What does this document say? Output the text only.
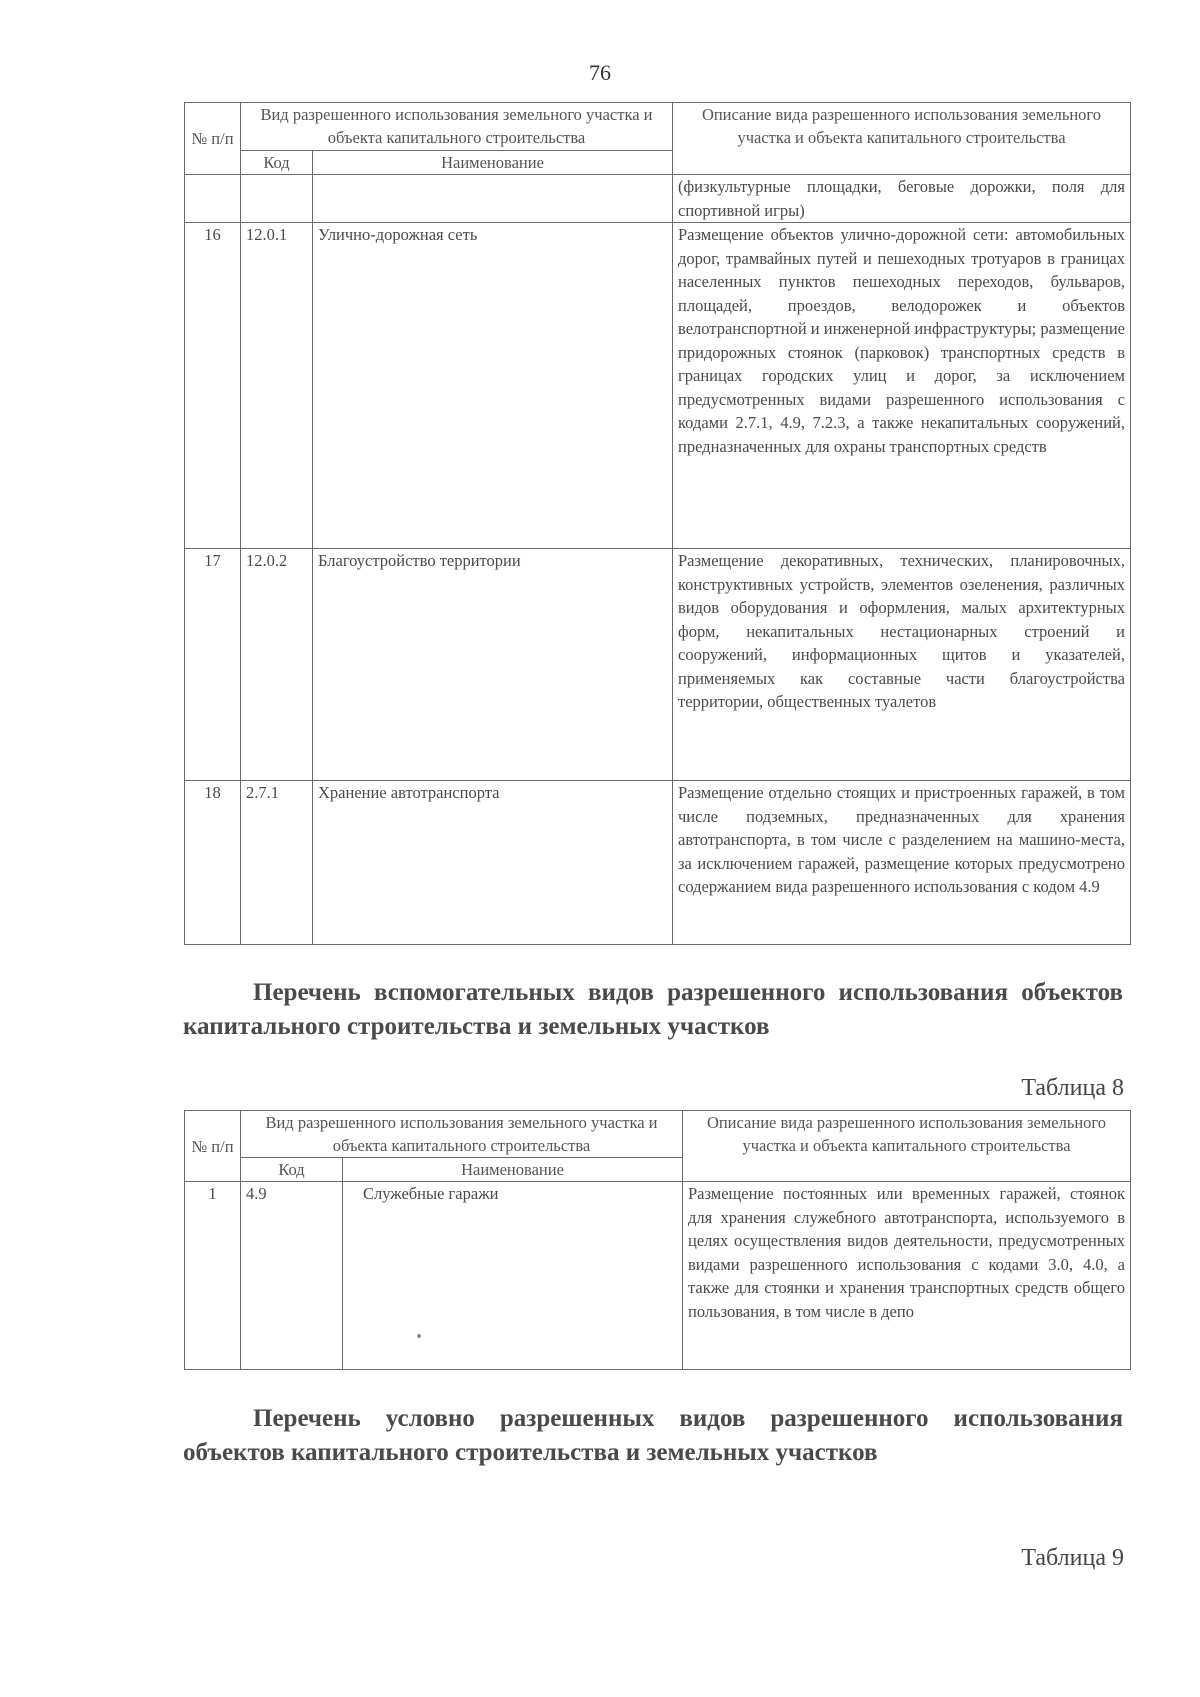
76
№ п/п	Вид разрешенного использования земельного участка и объекта капитального строительства		Описание вида разрешенного использования земельного участка и объекта капитального строительства
	Код	Наименование	
			(физкультурные площадки, беговые дорожки, поля для спортивной игры)
16	12.0.1	Улично-дорожная сеть	Размещение объектов улично-дорожной сети: автомобильных дорог, трамвайных путей и пешеходных тротуаров в границах населенных пунктов пешеходных переходов, бульваров, площадей, проездов, велодорожек и объектов велотранспортной и инженерной инфраструктуры; размещение придорожных стоянок (парковок) транспортных средств в границах городских улиц и дорог, за исключением предусмотренных видами разрешенного использования с кодами 2.7.1, 4.9, 7.2.3, а также некапитальных сооружений, предназначенных для охраны транспортных средств
17	12.0.2	Благоустройство территории	Размещение декоративных, технических, планировочных, конструктивных устройств, элементов озеленения, различных видов оборудования и оформления, малых архитектурных форм, некапитальных нестационарных строений и сооружений, информационных щитов и указателей, применяемых как составные части благоустройства территории, общественных туалетов
18	2.7.1	Хранение автотранспорта	Размещение отдельно стоящих и пристроенных гаражей, в том числе подземных, предназначенных для хранения автотранспорта, в том числе с разделением на машино-места, за исключением гаражей, размещение которых предусмотрено содержанием вида разрешенного использования с кодом 4.9
Перечень вспомогательных видов разрешенного использования объектов капитального строительства и земельных участков
Таблица 8
№ п/п	Вид разрешенного использования земельного участка и объекта капитального строительства		Описание вида разрешенного использования земельного участка и объекта капитального строительства
	Код	Наименование	
1	4.9	Служебные гаражи	Размещение постоянных или временных гаражей, стоянок для хранения служебного автотранспорта, используемого в целях осуществления видов деятельности, предусмотренных видами разрешенного использования с кодами 3.0, 4.0, а также для стоянки и хранения транспортных средств общего пользования, в том числе в депо
Перечень условно разрешенных видов разрешенного использования объектов капитального строительства и земельных участков
Таблица 9
